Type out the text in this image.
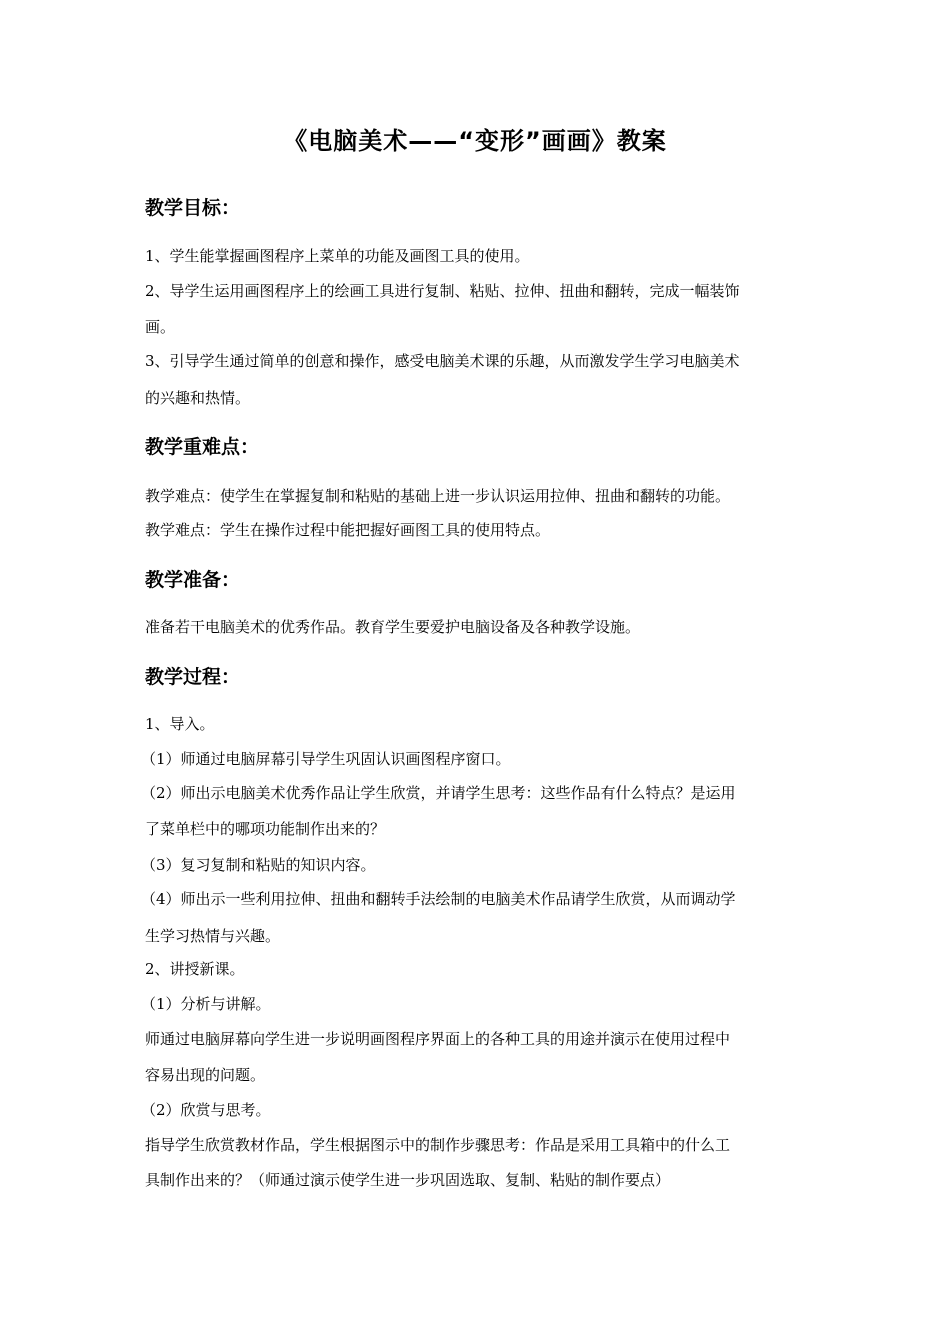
《电脑美术——“变形”画画》教案
教学目标：
1、学生能掌握画图程序上菜单的功能及画图工具的使用。
2、导学生运用画图程序上的绘画工具进行复制、粘贴、拉伸、扭曲和翻转，完成一幅装饰
画。
3、引导学生通过简单的创意和操作，感受电脑美术课的乐趣，从而激发学生学习电脑美术
的兴趣和热情。
教学重难点：
教学难点：使学生在掌握复制和粘贴的基础上进一步认识运用拉伸、扭曲和翻转的功能。
教学难点：学生在操作过程中能把握好画图工具的使用特点。
教学准备：
准备若干电脑美术的优秀作品。教育学生要爱护电脑设备及各种教学设施。
教学过程：
1、导入。
（1）师通过电脑屏幕引导学生巩固认识画图程序窗口。
（2）师出示电脑美术优秀作品让学生欣赏，并请学生思考：这些作品有什么特点？是运用
了菜单栏中的哪项功能制作出来的？
（3）复习复制和粘贴的知识内容。
（4）师出示一些利用拉伸、扭曲和翻转手法绘制的电脑美术作品请学生欣赏，从而调动学
生学习热情与兴趣。
2、讲授新课。
（1）分析与讲解。
师通过电脑屏幕向学生进一步说明画图程序界面上的各种工具的用途并演示在使用过程中
容易出现的问题。
（2）欣赏与思考。
指导学生欣赏教材作品，学生根据图示中的制作步骤思考：作品是采用工具箱中的什么工
具制作出来的？（师通过演示使学生进一步巩固选取、复制、粘贴的制作要点）
